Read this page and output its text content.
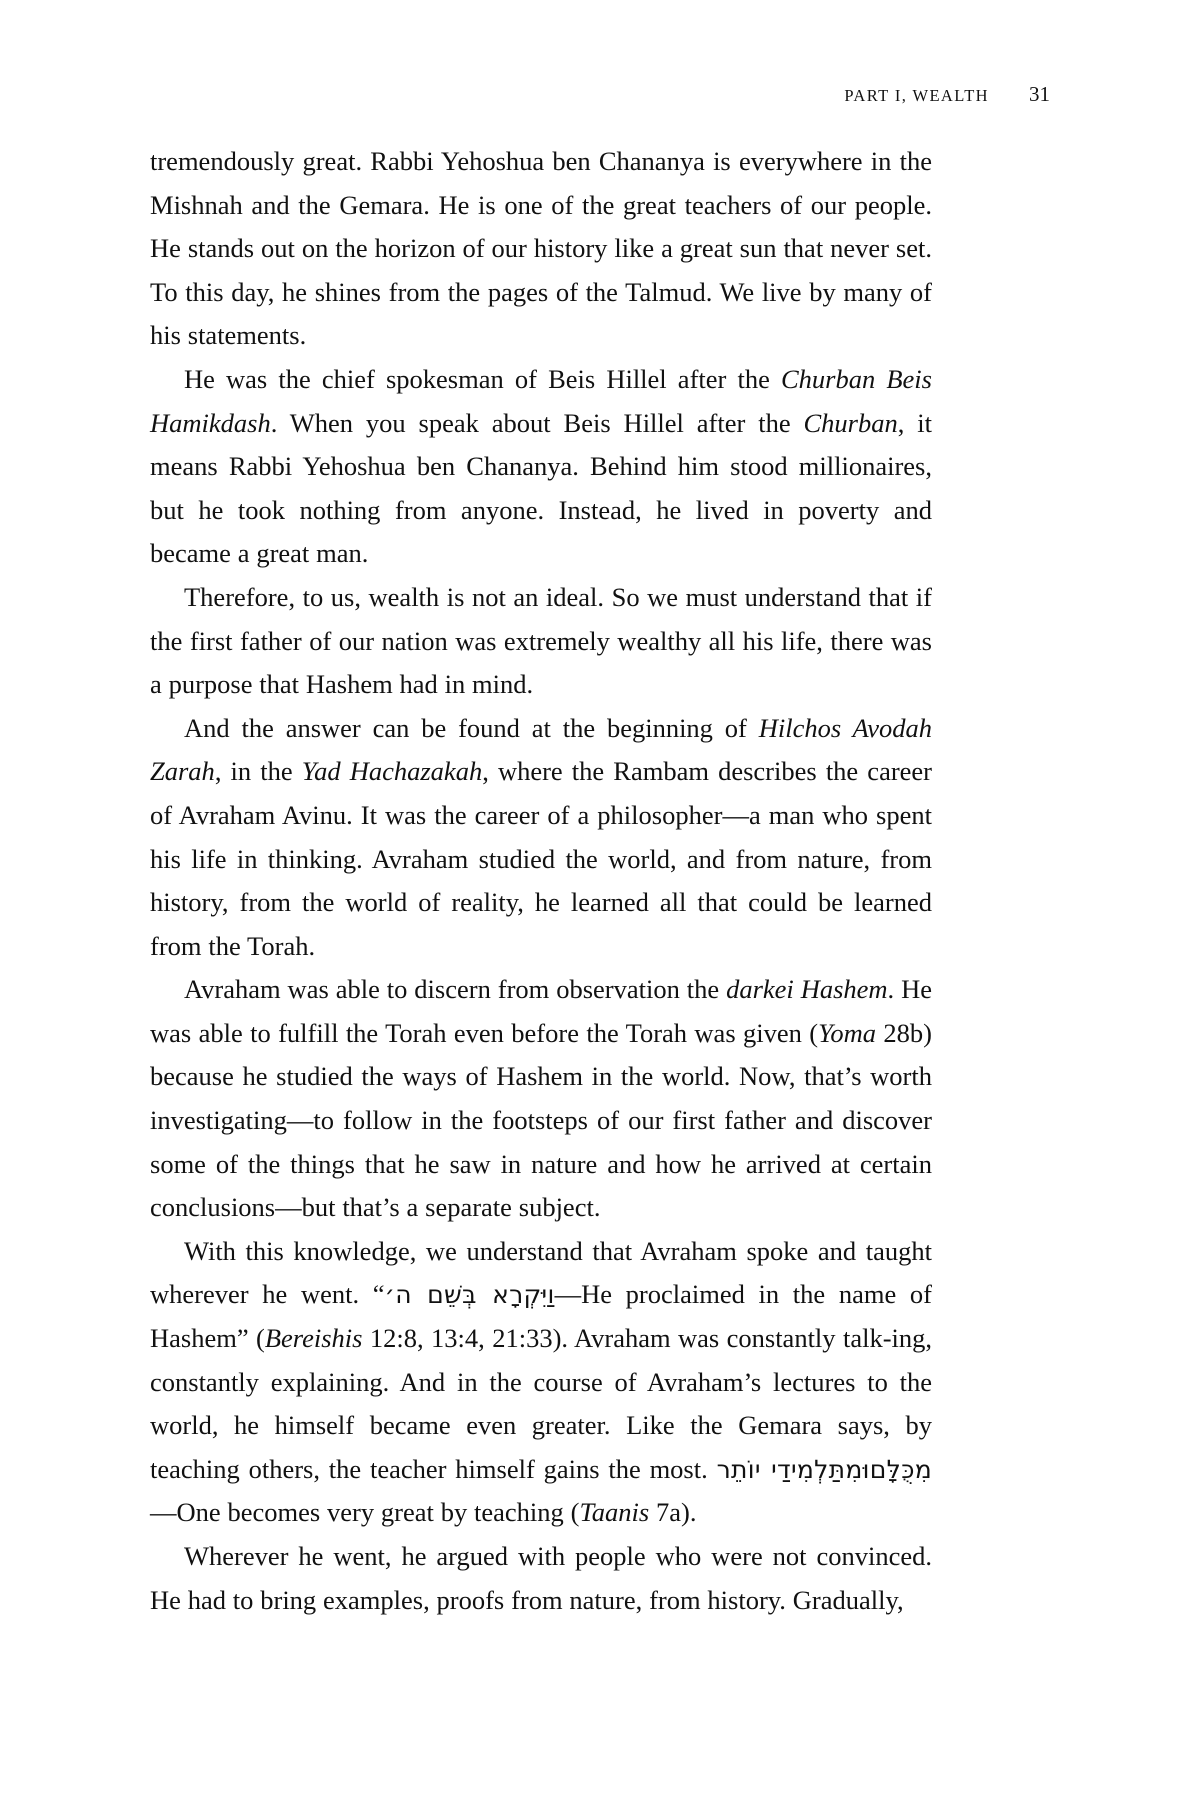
PART I, WEALTH 31

tremendously great. Rabbi Yehoshua ben Chananya is everywhere in the Mishnah and the Gemara. He is one of the great teachers of our people. He stands out on the horizon of our history like a great sun that never set. To this day, he shines from the pages of the Talmud. We live by many of his statements.

He was the chief spokesman of Beis Hillel after the Churban Beis Hamikdash. When you speak about Beis Hillel after the Churban, it means Rabbi Yehoshua ben Chananya. Behind him stood millionaires, but he took nothing from anyone. Instead, he lived in poverty and became a great man.

Therefore, to us, wealth is not an ideal. So we must understand that if the first father of our nation was extremely wealthy all his life, there was a purpose that Hashem had in mind.

And the answer can be found at the beginning of Hilchos Avodah Zarah, in the Yad Hachazakah, where the Rambam describes the career of Avraham Avinu. It was the career of a philosopher—a man who spent his life in thinking. Avraham studied the world, and from nature, from history, from the world of reality, he learned all that could be learned from the Torah.

Avraham was able to discern from observation the darkei Hashem. He was able to fulfill the Torah even before the Torah was given (Yoma 28b) because he studied the ways of Hashem in the world. Now, that’s worth investigating—to follow in the footsteps of our first father and discover some of the things that he saw in nature and how he arrived at certain conclusions—but that’s a separate subject.

With this knowledge, we understand that Avraham spoke and taught wherever he went. “וַיִּקְרָא בְּשֵׁם ה׳—He proclaimed in the name of Hashem” (Bereishis 12:8, 13:4, 21:33). Avraham was constantly talk-ing, constantly explaining. And in the course of Avraham’s lectures to the world, he himself became even greater. Like the Gemara says, by teaching others, the teacher himself gains the most. וּמִתַּלְמִידַי יוֹתֵרמִכֻּלָּם—One becomes very great by teaching (Taanis 7a).

Wherever he went, he argued with people who were not convinced. He had to bring examples, proofs from nature, from history. Gradually,
